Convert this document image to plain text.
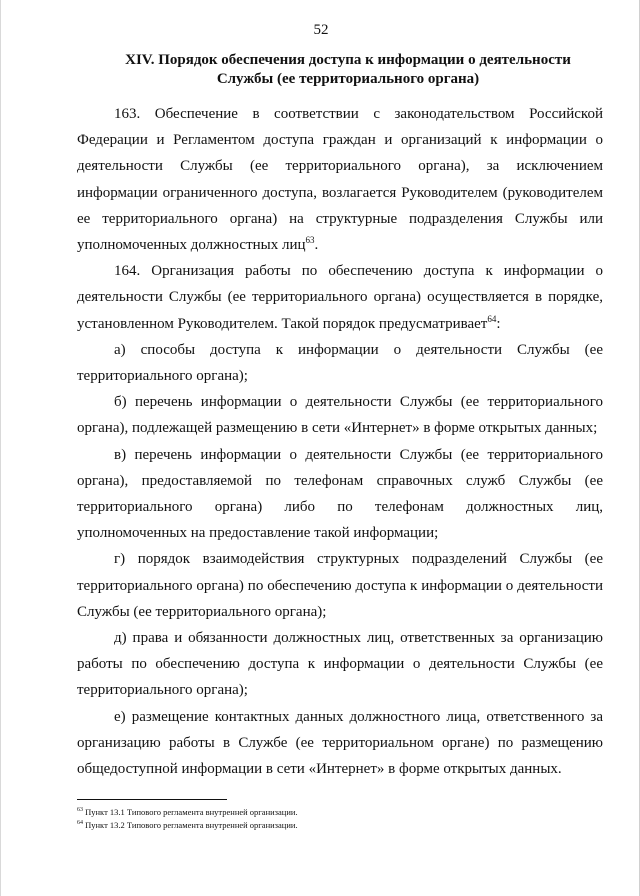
52
XIV. Порядок обеспечения доступа к информации о деятельности
Службы (ее территориального органа)

163. Обеспечение в соответствии с законодательством Российской Федерации и Регламентом доступа граждан и организаций к информации о деятельности Службы (ее территориального органа), за исключением информации ограниченного доступа, возлагается Руководителем (руководителем ее территориального органа) на структурные подразделения Службы или уполномоченных должностных лиц$^{63}$.

164. Организация работы по обеспечению доступа к информации о деятельности Службы (ее территориального органа) осуществляется в порядке, установленном Руководителем. Такой порядок предусматривает$^{64}$:

а) способы доступа к информации о деятельности Службы (ее территориального органа);

б) перечень информации о деятельности Службы (ее территориального органа), подлежащей размещению в сети «Интернет» в форме открытых данных;

в) перечень информации о деятельности Службы (ее территориального органа), предоставляемой по телефонам справочных служб Службы (ее территориального органа) либо по телефонам должностных лиц, уполномоченных на предоставление такой информации;

г) порядок взаимодействия структурных подразделений Службы (ее территориального органа) по обеспечению доступа к информации о деятельности Службы (ее территориального органа);

д) права и обязанности должностных лиц, ответственных за организацию работы по обеспечению доступа к информации о деятельности Службы (ее территориального органа);

е) размещение контактных данных должностного лица, ответственного за организацию работы в Службе (ее территориальном органе) по размещению общедоступной информации в сети «Интернет» в форме открытых данных.

$^{63}$ Пункт 13.1 Типового регламента внутренней организации.
$^{64}$ Пункт 13.2 Типового регламента внутренней организации.
